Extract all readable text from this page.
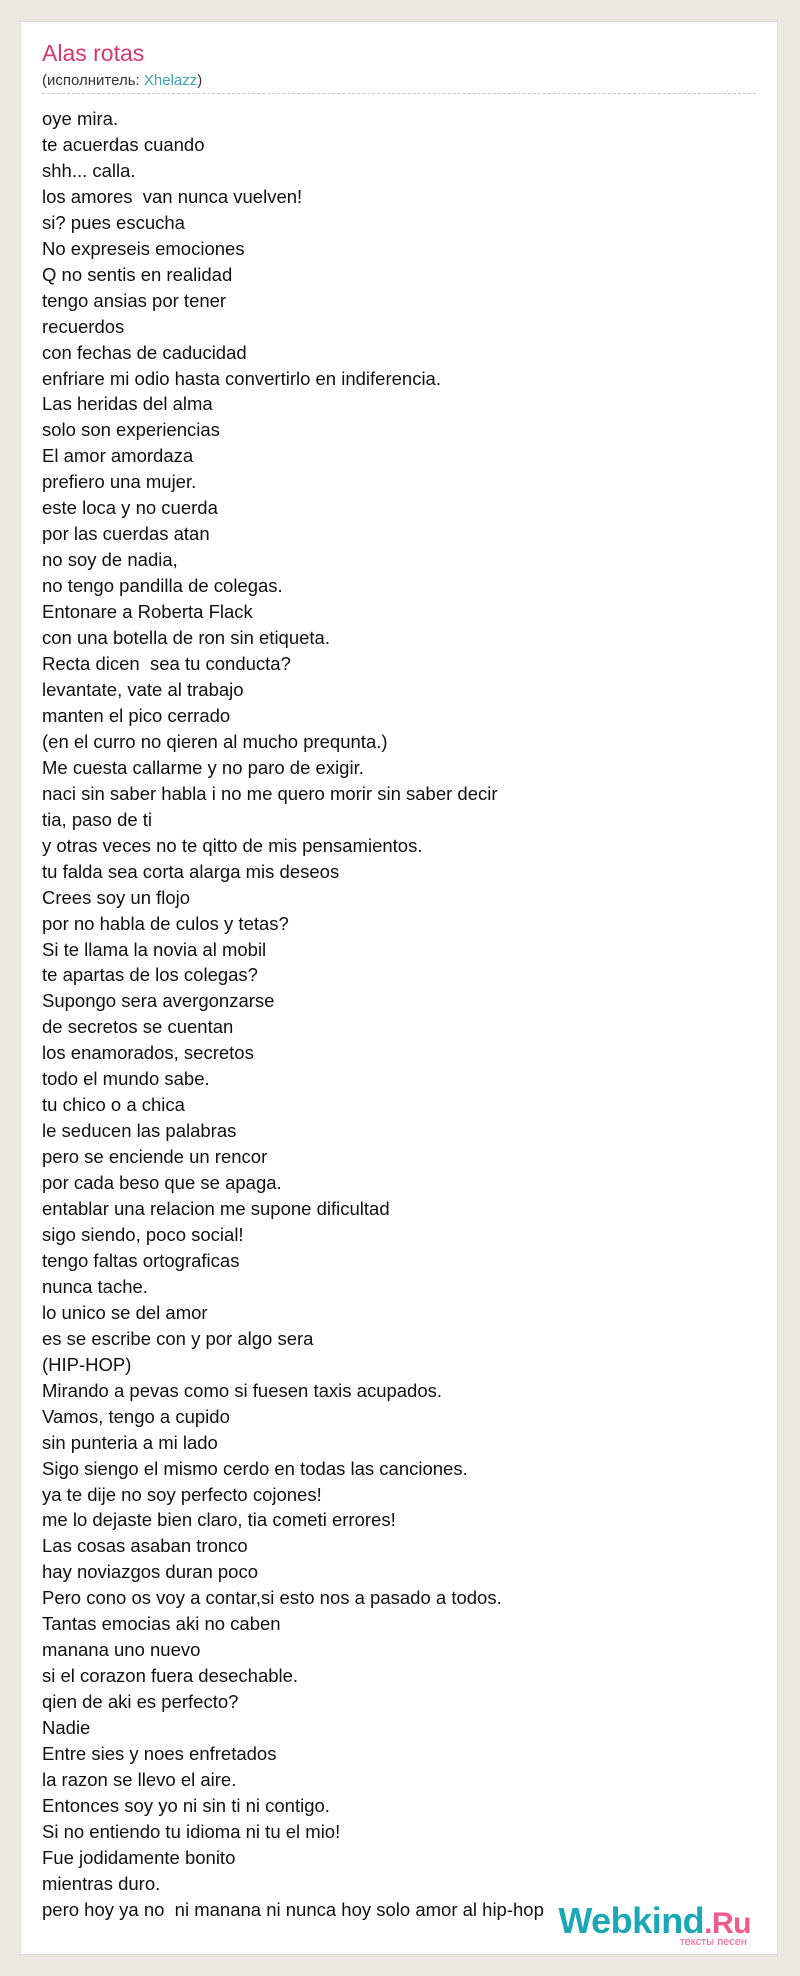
Alas rotas
(исполнитель: Xhelazz)
oye mira.
te acuerdas cuando
shh... calla.
los amores  van nunca vuelven!
si? pues escucha
No expreseis emociones
Q no sentis en realidad
tengo ansias por tener
recuerdos
con fechas de caducidad
enfriare mi odio hasta convertirlo en indiferencia.
Las heridas del alma
solo son experiencias
El amor amordaza
prefiero una mujer.
este loca y no cuerda
por las cuerdas atan
no soy de nadia,
no tengo pandilla de colegas.
Entonare a Roberta Flack
con una botella de ron sin etiqueta.
Recta dicen  sea tu conducta?
levantate, vate al trabajo
manten el pico cerrado
(en el curro no qieren al mucho prequnta.)
Me cuesta callarme y no paro de exigir.
naci sin saber habla i no me quero morir sin saber decir
tia, paso de ti
y otras veces no te qitto de mis pensamientos.
tu falda sea corta alarga mis deseos
Crees soy un flojo
por no habla de culos y tetas?
Si te llama la novia al mobil
te apartas de los colegas?
Supongo sera avergonzarse
de secretos se cuentan
los enamorados, secretos
todo el mundo sabe.
tu chico o a chica
le seducen las palabras
pero se enciende un rencor
por cada beso que se apaga.
entablar una relacion me supone dificultad
sigo siendo, poco social!
tengo faltas ortograficas
nunca tache.
lo unico se del amor
es se escribe con y por algo sera
(HIP-HOP)
Mirando a pevas como si fuesen taxis acupados.
Vamos, tengo a cupido
sin punteria a mi lado
Sigo siengo el mismo cerdo en todas las canciones.
ya te dije no soy perfecto cojones!
me lo dejaste bien claro, tia cometi errores!
Las cosas asaban tronco
hay noviazgos duran poco
Pero cono os voy a contar,si esto nos a pasado a todos.
Tantas emocias aki no caben
manana uno nuevo
si el corazon fuera desechable.
qien de aki es perfecto?
Nadie
Entre sies y noes enfretados
la razon se llevo el aire.
Entonces soy yo ni sin ti ni contigo.
Si no entiendo tu idioma ni tu el mio!
Fue jodidamente bonito
mientras duro.
pero hoy ya no  ni manana ni nunca hoy solo amor al hip-hop Webkind.Ru
тексты песен
